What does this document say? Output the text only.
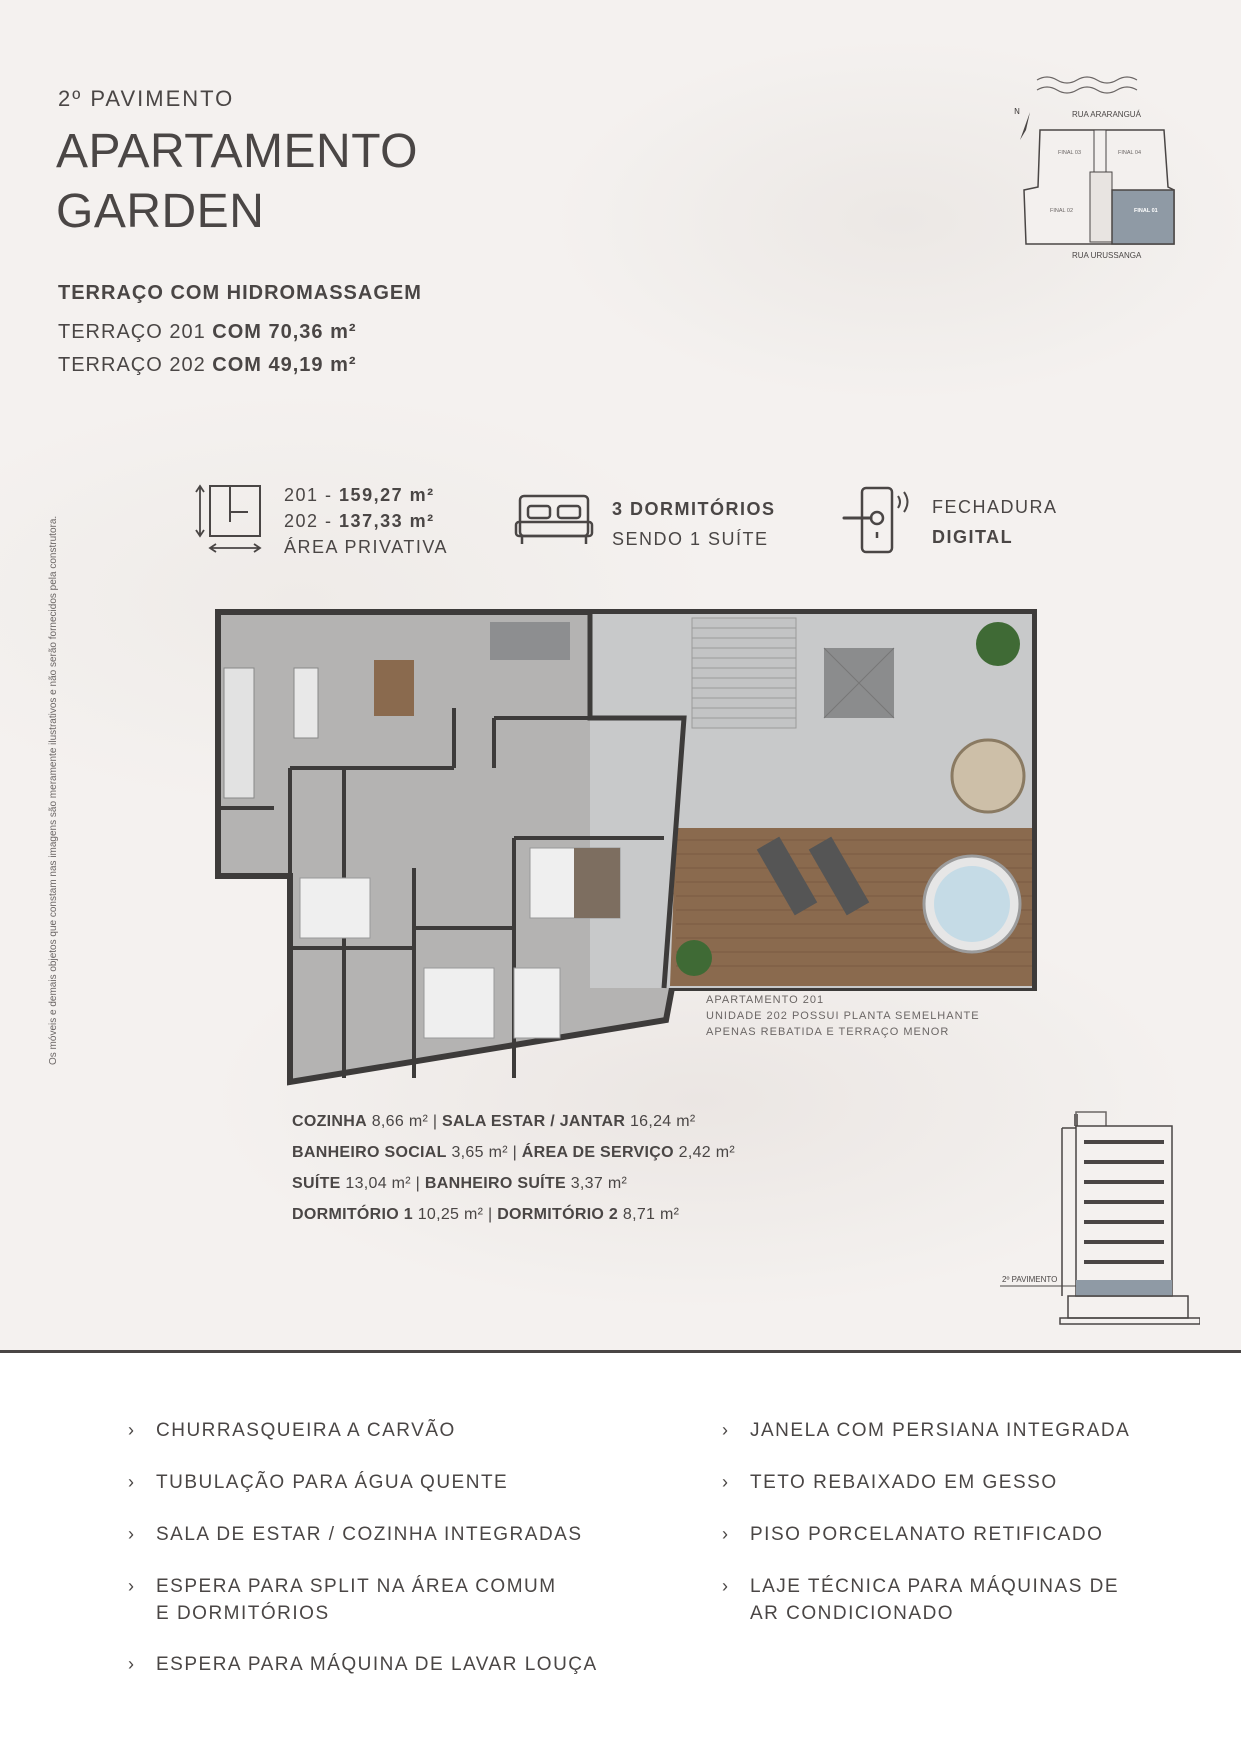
2º PAVIMENTO
APARTAMENTO
GARDEN
TERRAÇO COM HIDROMASSAGEM
TERRAÇO 201 COM 70,36 m²
TERRAÇO 202 COM 49,19 m²
Os móveis e demais objetos que constam nas imagens são meramente ilustrativos e não serão fornecidos pela construtora.
N	RUA ARARANGUÁ
FINAL 03	FINAL 04
FINAL 02	FINAL 01
RUA URUSSANGA
201 - 159,27 m²
202 - 137,33 m²
ÁREA PRIVATIVA
3 DORMITÓRIOS
SENDO 1 SUÍTE
FECHADURA
DIGITAL
APARTAMENTO 201
UNIDADE 202 POSSUI PLANTA SEMELHANTE
APENAS REBATIDA E TERRAÇO MENOR
COZINHA 8,66 m² | SALA ESTAR / JANTAR 16,24 m²
BANHEIRO SOCIAL 3,65 m² | ÁREA DE SERVIÇO 2,42 m²
SUÍTE 13,04 m² | BANHEIRO SUÍTE 3,37 m²
DORMITÓRIO 1 10,25 m² | DORMITÓRIO 2 8,71 m²
2º PAVIMENTO
› CHURRASQUEIRA A CARVÃO
› TUBULAÇÃO PARA ÁGUA QUENTE
› SALA DE ESTAR / COZINHA INTEGRADAS
› ESPERA PARA SPLIT NA ÁREA COMUM
E DORMITÓRIOS
› ESPERA PARA MÁQUINA DE LAVAR LOUÇA
› JANELA COM PERSIANA INTEGRADA
› TETO REBAIXADO EM GESSO
› PISO PORCELANATO RETIFICADO
› LAJE TÉCNICA PARA MÁQUINAS DE
AR CONDICIONADO
